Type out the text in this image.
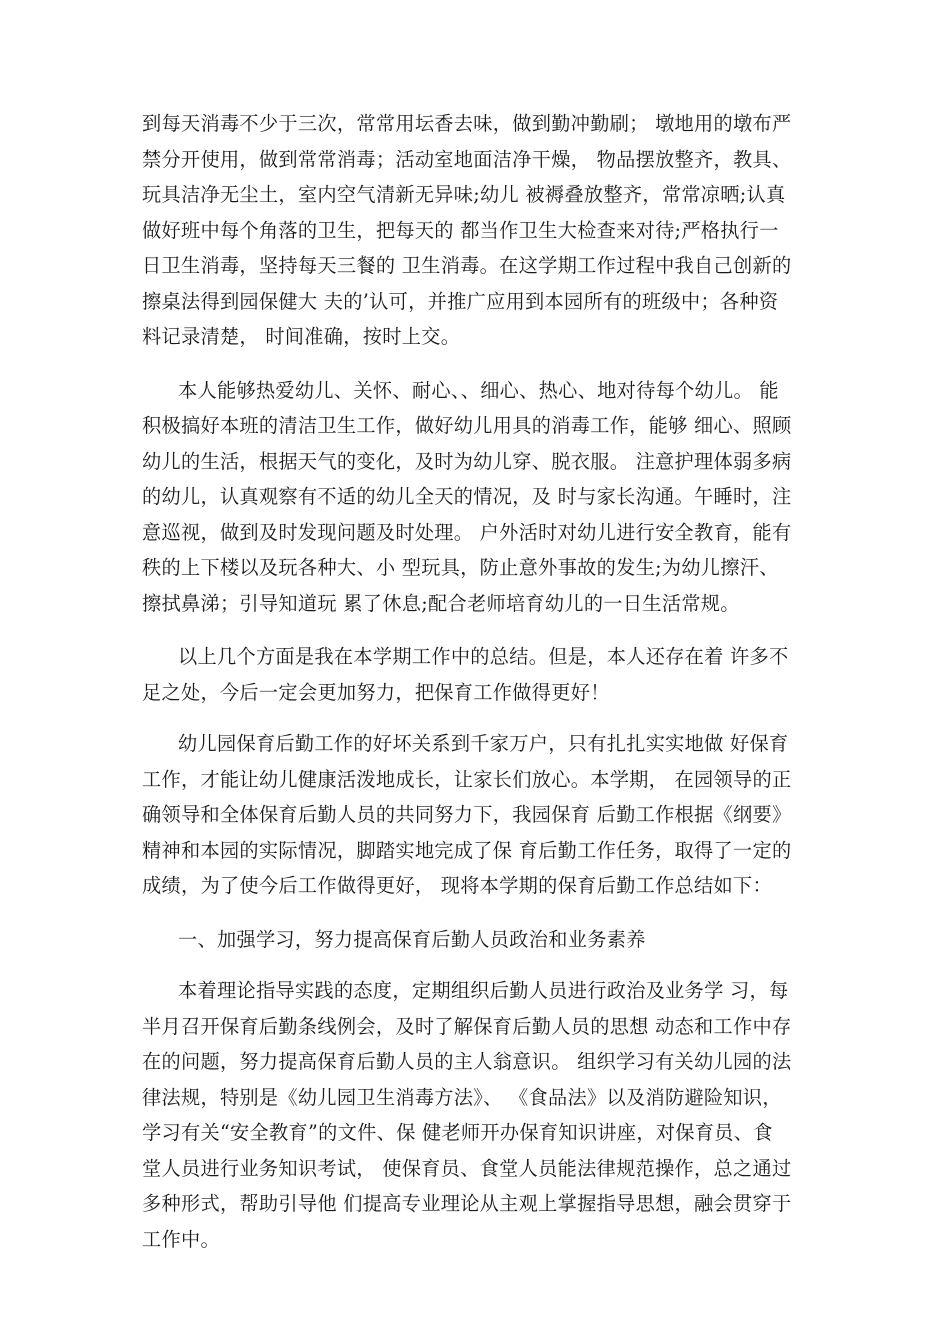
到每天消毒不少于三次，常常用坛香去味，做到勤冲勤刷； 墩地用的墩布严
禁分开使用，做到常常消毒；活动室地面洁净干燥， 物品摆放整齐，教具、
玩具洁净无尘土，室内空气清新无异味;幼儿 被褥叠放整齐，常常凉晒;认真
做好班中每个角落的卫生，把每天的 都当作卫生大检查来对待;严格执行一
日卫生消毒，坚持每天三餐的 卫生消毒。在这学期工作过程中我自己创新的
擦桌法得到园保健大 夫的’认可，并推广应用到本园所有的班级中；各种资
料记录清楚， 时间准确，按时上交。

本人能够热爱幼儿、关怀、耐心、、细心、热心、地对待每个幼儿。 能
积极搞好本班的清洁卫生工作，做好幼儿用具的消毒工作，能够 细心、照顾
幼儿的生活，根据天气的变化，及时为幼儿穿、脱衣服。 注意护理体弱多病
的幼儿，认真观察有不适的幼儿全天的情况，及 时与家长沟通。午睡时，注
意巡视，做到及时发现问题及时处理。 户外活时对幼儿进行安全教育，能有
秩的上下楼以及玩各种大、小 型玩具，防止意外事故的发生;为幼儿擦汗、
擦拭鼻涕；引导知道玩 累了休息;配合老师培育幼儿的一日生活常规。

以上几个方面是我在本学期工作中的总结。但是，本人还存在着 许多不
足之处，今后一定会更加努力，把保育工作做得更好！

幼儿园保育后勤工作的好坏关系到千家万户，只有扎扎实实地做 好保育
工作，才能让幼儿健康活泼地成长，让家长们放心。本学期， 在园领导的正
确领导和全体保育后勤人员的共同努力下，我园保育 后勤工作根据《纲要》
精神和本园的实际情况，脚踏实地完成了保 育后勤工作任务，取得了一定的
成绩，为了使今后工作做得更好， 现将本学期的保育后勤工作总结如下：

一、加强学习，努力提高保育后勤人员政治和业务素养

本着理论指导实践的态度，定期组织后勤人员进行政治及业务学 习，每
半月召开保育后勤条线例会，及时了解保育后勤人员的思想 动态和工作中存
在的问题，努力提高保育后勤人员的主人翁意识。 组织学习有关幼儿园的法
律法规，特别是《幼儿园卫生消毒方法》、 《食品法》以及消防避险知识，
学习有关“安全教育”的文件、保 健老师开办保育知识讲座，对保育员、食
堂人员进行业务知识考试， 使保育员、食堂人员能法律规范操作，总之通过
多种形式，帮助引导他 们提高专业理论从主观上掌握指导思想，融会贯穿于
工作中。
